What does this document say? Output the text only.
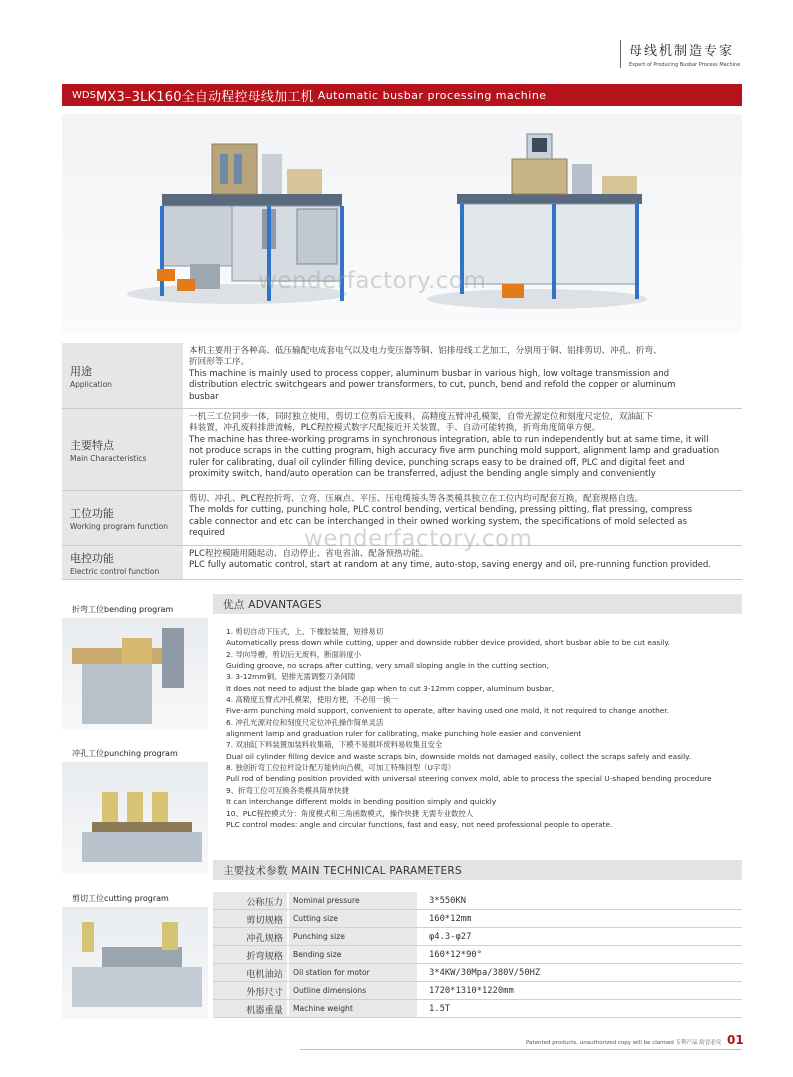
母线机制造专家
Expert of Producing Busbar Process Machine
WDS MX3–3LK160全自动程控母线加工机 Automatic busbar processing machine
wenderfactory.com
用途
Application
本机主要用于各种高、低压输配电成套电气以及电力变压器等铜、铝排母线工艺加工，分别用于铜、铝排剪切、冲孔、折弯、
折回形等工序。
This machine is mainly used to process copper, aluminum busbar in various high, low voltage transmission and
distribution electric switchgears and power transformers, to cut, punch, bend and refold the copper or aluminum
busbar
主要特点
Main Characteristics
一机三工位同步一体，同时独立使用，剪切工位剪后无废料，高精度五臂冲孔模架，自带光源定位和刻度尺定位，双油缸下
料装置，冲孔废料排泄流畅，PLC程控模式数字尺配接近开关装置，手、自动可能转换，折弯角度简单方便。
The machine has three-working programs in synchronous integration, able to run independently but at same time, it will
not produce scraps in the cutting program, high accuracy five arm punching mold support, alignment lamp and graduation
ruler for calibrating, dual oil cylinder filling device, punching scraps easy to be drained off, PLC and digital feet and
proximity switch, hand/auto operation can be transferred, adjust the bending angle simply and conveniently
工位功能
Working program function
剪切、冲孔、PLC程控折弯、立弯、压麻点、平压、压电缆接头等各类模具独立在工位内均可配套互换，配套规格自选。
The molds for cutting, punching hole, PLC control bending, vertical bending, pressing pitting, flat pressing, compress
cable connector and etc can be interchanged in their owned working system, the specifications of mold selected as
required
电控功能
Electric control function
PLC程控模随用随起动、自动停止、省电省油、配备预热功能。
PLC fully automatic control, start at random at any time, auto-stop, saving energy and oil, pre-running function provided.
wenderfactory.com
折弯工位bending program
冲孔工位punching program
剪切工位cutting program
优点 ADVANTAGES
1. 剪切自动下压式，上、下橡胶装置，短排易切
Automatically press down while cutting, upper and downside rubber device provided, short busbar able to be cut easily.
2. 导向导槽，剪切后无废料，断面斜度小
Guiding groove, no scraps after cutting, very small sloping angle in the cutting section,
3. 3-12mm铜、铝排无需调整刀条间隙
It does not need to adjust the blade gap when to cut 3-12mm copper, aluminum busbar,
4. 高精度五臂式冲孔模架，使用方便，不必用一换一
Five-arm punching mold support, convenient to operate, after having used one mold, it not required to change another.
6. 冲孔光源对位和刻度尺定位冲孔操作简单灵活
alignment lamp and graduation ruler for calibrating, make punching hole easier and convenient
7. 双油缸下料装置加装料收集箱，下模不易损坏废料易收集且安全
Dual oil cylinder filling device and waste scraps bin, downside molds not damaged easily, collect the scraps safely and easily.
8. 独创折弯工位拉杆设计配万能转向凸模，可加工特殊回型（U字弯）
Pull rod of bending position provided with universal steering convex mold, able to process the special U-shaped bending procedure
9、折弯工位可互换各类模具简单快捷
It can interchange different molds in bending position simply and quickly
10、PLC程控模式分：角度模式和三角函数模式，操作快捷 无需专业数控人
PLC control modes: angle and circular functions, fast and easy, not need professional people to operate.
主要技术参数 MAIN TECHNICAL PARAMETERS
公称压力	Nominal pressure	3*550KN
剪切规格	Cutting size	160*12mm
冲孔规格	Punching size	φ4.3-φ27
折弯规格	Bending size	160*12*90°
电机油站	Oil station for motor	3*4KW/30Mpa/380V/50HZ
外形尺寸	Outline dimensions	1720*1310*1220mm
机器重量	Machine weight	1.5T
Patented products, unauthorized copy will be claimed 专利产品 防冒必究 01
